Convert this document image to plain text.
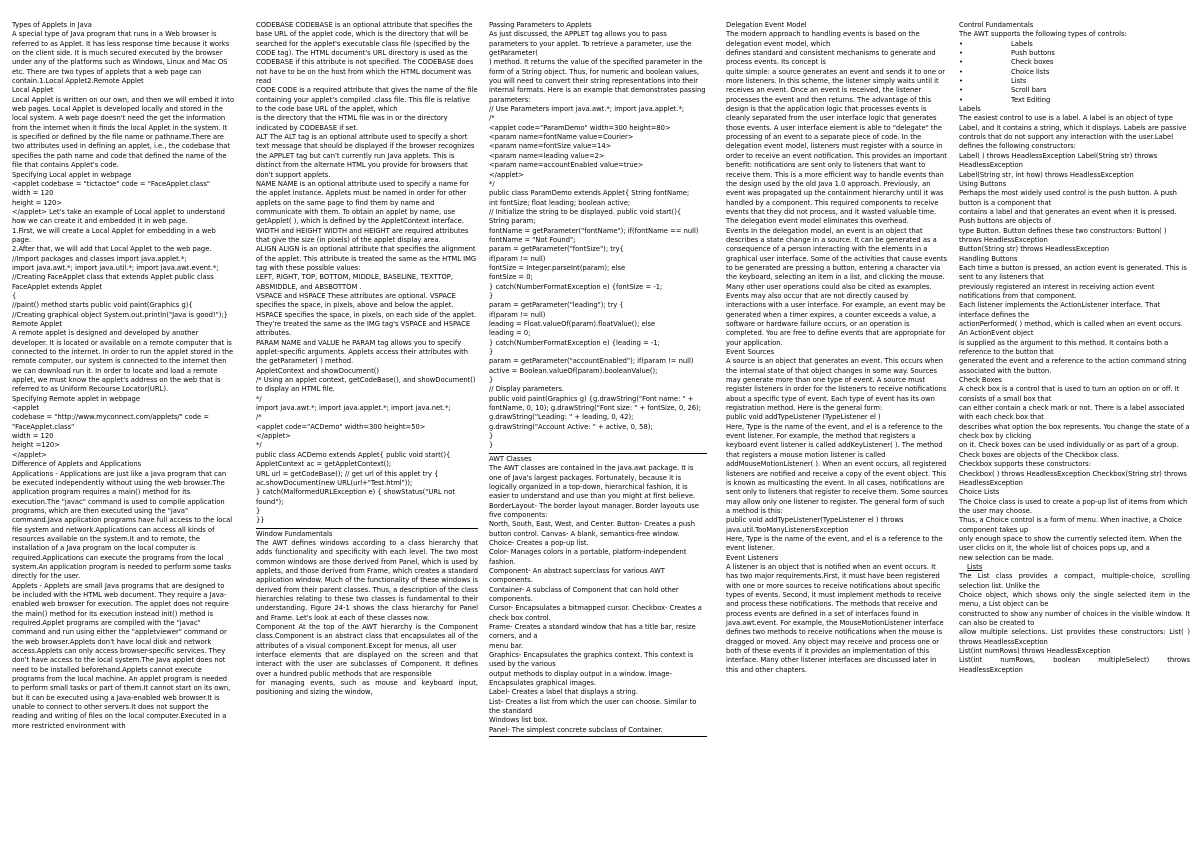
Types of Applets in Java

A special type of Java program that runs in a Web browser is referred to as Applet. It has less response time because it works on the client side. It is much secured executed by the browser under any of the platforms such as Windows, Linux and Mac OS etc. There are two types of applets that a web page can contain.1.Local Applet2.Remote Applet

Local Applet

Local Applet is written on our own, and then we will embed it into web pages. Local Applet is developed locally and stored in the local system. A web page doesn't need the get the information from the internet when it finds the local Applet in the system. It is specified or defined by the file name or pathname.There are two attributes used in defining an applet, i.e., the codebase that specifies the path name and code that defined the name of the file that contains Applet's code.

Specifying Local applet in webpage

<applet codebase = "tictactoe" code = "FaceApplet.class"

width = 120

height = 120>

</applet> Let's take an example of Local applet to understand how we can create it and embedded it in web page.

1.First, we will create a Local Applet for embedding in a web page.

2.After that, we will add that Local Applet to the web page.

//Import packages and classes import java.applet.*;

import java.awt.*; import java.util.*; import java.awt.event.*;

//Creating FaceApplet class that extends Applet public class FaceApplet extends Applet

{

//paint() method starts public void paint(Graphics g){

//Creating graphical object System.out.println("Java is good!");}

Remote Applet

A remote applet is designed and developed by another developer. It is located or available on a remote computer that is connected to the internet. In order to run the applet stored in the remote computer, our system is connected to the internet then we can download run it. In order to locate and load a remote applet, we must know the applet's address on the web that is referred to as Uniform Recourse Locator(URL).

Specifying Remote applet in webpage

<applet

codebase = "http://www.myconnect.com/applets/" code = "FaceApplet.class"

width = 120

height =120>

</applet>

Difference of Applets and Applications

Applications - Applications are just like a Java program that can be executed independently without using the web browser.The application program requires a main() method for its execution.The "javac" command is used to compile application programs, which are then executed using the "java" command.Java application programs have full access to the local file system and network.Applications can access all kinds of resources available on the system.It and to remote, the installation of a Java program on the local computer is required.Applications can execute the programs from the local system.An application program is needed to perform some tasks directly for the user.

Applets - Applets are small Java programs that are designed to be included with the HTML web document. They require a Java- enabled web browser for execution. The applet does not require the main() method for its execution instead init() method is required.Applet programs are compiled with the "javac" command and run using either the "appletviewer" command or the web browser.Applets don't have local disk and network access.Applets can only access browser-specific services. They don't have access to the local system.The Java applet does not need to be installed beforehand.Applets cannot execute programs from the local machine. An applet program is needed to perform small tasks or part of them.It cannot start on its own, but it can be executed using a Java-enabled web browser.It is unable to connect to other servers.It does not support the reading and writing of files on the local computer.Executed in a more restricted environment with

CODEBASE CODEBASE is an optional attribute that specifies the base URL of the applet code, which is the directory that will be searched for the applet's executable class file (specified by the CODE tag). The HTML document's URL directory is used as the CODEBASE if this attribute is not specified. The CODEBASE does not have to be on the host from which the HTML document was read

CODE CODE is a required attribute that gives the name of the file containing your applet's compiled .class file. This file is relative to the code base URL of the applet, which

is the directory that the HTML file was in or the directory indicated by CODEBASE if set.

ALT The ALT tag is an optional attribute used to specify a short text message that should be displayed if the browser recognizes the APPLET tag but can't currently run Java applets. This is distinct from the alternate HTML you provide for browsers that don't support applets.

NAME NAME is an optional attribute used to specify a name for the applet instance. Applets must be named in order for other applets on the same page to find them by name and communicate with them. To obtain an applet by name, use getApplet( ), which is defined by the AppletContext interface.

WIDTH and HEIGHT WIDTH and HEIGHT are required attributes that give the size (in pixels) of the applet display area.

ALIGN ALIGN is an optional attribute that specifies the alignment of the applet. This attribute is treated the same as the HTML IMG tag with these possible values:

LEFT, RIGHT, TOP, BOTTOM, MIDDLE, BASELINE, TEXTTOP, ABSMIDDLE, and ABSBOTTOM .

VSPACE and HSPACE These attributes are optional. VSPACE specifies the space, in pixels, above and below the applet. HSPACE specifies the space, in pixels, on each side of the applet. They're treated the same as the IMG tag's VSPACE and HSPACE attributes.

PARAM NAME and VALUE he PARAM tag allows you to specify applet-specific arguments. Applets access their attributes with the getParameter( ) method.

AppletContext and showDocument()

/* Using an applet context, getCodeBase(), and showDocument() to display an HTML file.

*/

import java.awt.*; import java.applet.*; import java.net.*;

/*

<applet code="ACDemo" width=300 height=50>

</applet>

*/

public class ACDemo extends Applet{ public void start(){

AppletContext ac = getAppletContext();

URL url = getCodeBase(); // get url of this applet try {

ac.showDocument(new URL(url+"Test.html"));

} catch(MalformedURLException e) { showStatus("URL not found");

}

}}

Window Fundamentals

The AWT defines windows according to a class hierarchy that adds functionality and specificity with each level. The two most common windows are those derived from Panel, which is used by applets, and those derived from Frame, which creates a standard application window. Much of the functionality of these windows is derived from their parent classes. Thus, a description of the class hierarchies relating to these two classes is fundamental to their understanding. Figure 24-1 shows the class hierarchy for Panel and Frame. Let's look at each of these classes now.

Component At the top of the AWT hierarchy is the Component class.Component is an abstract class that encapsulates all of the attributes of a visual component.Except for menus, all user

interface elements that are displayed on the screen and that interact with the user are subclasses of Component. It defines over a hundred public methods that are responsible

for managing events, such as mouse and keyboard input, positioning and sizing the window,

Passing Parameters to Applets

As just discussed, the APPLET tag allows you to pass parameters to your applet. To retrieve a parameter, use the getParameter(

) method. It returns the value of the specified parameter in the form of a String object. Thus, for numeric and boolean values, you will need to convert their string representations into their internal formats. Here is an example that demonstrates passing parameters:

// Use Parameters import java.awt.*; import java.applet.*;

/*

<applet code="ParamDemo" width=300 height=80>

<param name=fontName value=Courier>

<param name=fontSize value=14>

<param name=leading value=2>

<param name=accountEnabled value=true>

</applet>

*/

public class ParamDemo extends Applet{ String fontName;

int fontSize; float leading; boolean active;

// Initialize the string to be displayed. public void start(){

String param;

fontName = getParameter("fontName"); if(fontName == null)

fontName = "Not Found";

param = getParameter("fontSize"); try{

if(param != null)

fontSize = Integer.parseInt(param); else

fontSize = 0;

} catch(NumberFormatException e) {fontSize = -1;

}

param = getParameter("leading"); try {

if(param != null)

leading = Float.valueOf(param).floatValue(); else

leading = 0;

} catch(NumberFormatException e) {leading = -1;

}

param = getParameter("accountEnabled"); if(param != null)

active = Boolean.valueOf(param).booleanValue();

}

// Display parameters.

public void paint(Graphics g) {g.drawString("Font name: " + fontName, 0, 10); g.drawString("Font size: " + fontSize, 0, 26);

g.drawString("Leading: " + leading, 0, 42);

g.drawString("Account Active: " + active, 0, 58);

}

}

AWT Classes

The AWT classes are contained in the java.awt package. It is one of Java's largest packages. Fortunately, because it is logically organized in a top-down, hierarchical fashion, it is easier to understand and use than you might at first believe.

BorderLayout- The border layout manager. Border layouts use five components:

North, South, East, West, and Center. Button- Creates a push button control. Canvas- A blank, semantics-free window.

Choice- Creates a pop-up list.

Color- Manages colors in a portable, platform-independent fashion.

Component- An abstract superclass for various AWT components.

Container- A subclass of Component that can hold other components.

Cursor- Encapsulates a bitmapped cursor. Checkbox- Creates a check box control.

Frame- Creates a standard window that has a title bar, resize corners, and a

menu bar.

Graphics- Encapsulates the graphics context. This context is used by the various

output methods to display output in a window. Image- Encapsulates graphical images.

Label- Creates a label that displays a string.

List- Creates a list from which the user can choose. Similar to the standard

Windows list box.

Panel- The simplest concrete subclass of Container.

Delegation Event Model

The modern approach to handling events is based on the delegation event model, which

defines standard and consistent mechanisms to generate and process events. Its concept is

quite simple: a source generates an event and sends it to one or more listeners. In this scheme, the listener simply waits until it receives an event. Once an event is received, the listener processes the event and then returns. The advantage of this design is that the application logic that processes events is cleanly separated from the user interface logic that generates those events. A user interface element is able to "delegate" the processing of an event to a separate piece of code. In the delegation event model, listeners must register with a source in order to receive an event notification. This provides an important benefit: notifications are sent only to listeners that want to receive them. This is a more efficient way to handle events than the design used by the old Java 1.0 approach. Previously, an event was propagated up the containment hierarchy until it was handled by a component. This required components to receive events that they did not process, and it wasted valuable time. The delegation event model eliminates this overhead.

Events In the delegation model, an event is an object that describes a state change in a source. It can be generated as a consequence of a person interacting with the elements in a graphical user interface. Some of the activities that cause events to be generated are pressing a button, entering a character via the keyboard, selecting an item in a list, and clicking the mouse. Many other user operations could also be cited as examples. Events may also occur that are not directly caused by interactions with a user interface. For example, an event may be generated when a timer expires, a counter exceeds a value, a software or hardware failure occurs, or an operation is completed. You are free to define events that are appropriate for your application.

Event Sources

A source is an object that generates an event. This occurs when the internal state of that object changes in some way. Sources may generate more than one type of event. A source must register listeners in order for the listeners to receive notifications about a specific type of event. Each type of event has its own registration method. Here is the general form:

public void addTypeListener (TypeListener el )

Here, Type is the name of the event, and el is a reference to the event listener. For example, the method that registers a keyboard event listener is called addKeyListener( ). The method that registers a mouse motion listener is called addMouseMotionListener( ). When an event occurs, all registered listeners are notified and receive a copy of the event object. This is known as multicasting the event. In all cases, notifications are sent only to listeners that register to receive them. Some sources may allow only one listener to register. The general form of such a method is this:

public void addTypeListener(TypeListener el ) throws java.util.TooManyListenersException

Here, Type is the name of the event, and el is a reference to the event listener.

Event Listeners

A listener is an object that is notified when an event occurs. It has two major requirements.First, it must have been registered with one or more sources to receive notifications about specific types of events. Second, it must implement methods to receive and process these notifications. The methods that receive and process events are defined in a set of interfaces found in java.awt.event. For example, the MouseMotionListener interface defines two methods to receive notifications when the mouse is dragged or moved. Any object may receive and process one or both of these events if it provides an implementation of this interface. Many other listener interfaces are discussed later in this and other chapters.

Control Fundamentals

The AWT supports the following types of controls:

•	Labels
•	Push buttons
•	Check boxes
•	Choice lists
•	Lists
•	Scroll bars
•	Text Editing

Labels

The easiest control to use is a label. A label is an object of type Label, and it contains a string, which it displays. Labels are passive controls that do not support any interaction with the user.Label defines the following constructors:

Label( ) throws HeadlessException Label(String str) throws HeadlessException

Label(String str, int how) throws HeadlessException

Using Buttons

Perhaps the most widely used control is the push button. A push button is a component that

contains a label and that generates an event when it is pressed.

Push buttons are objects of

type Button. Button defines these two constructors: Button( ) throws HeadlessException

Button(String str) throws HeadlessException

Handling Buttons

Each time a button is pressed, an action event is generated. This is sent to any listeners that

previously registered an interest in receiving action event notifications from that component.

Each listener implements the ActionListener interface. That interface defines the

actionPerformed( ) method, which is called when an event occurs. An ActionEvent object

is supplied as the argument to this method. It contains both a reference to the button that

generated the event and a reference to the action command string associated with the button.

Check Boxes

A check box is a control that is used to turn an option on or off. It consists of a small box that

can either contain a check mark or not. There is a label associated with each check box that

describes what option the box represents. You change the state of a check box by clicking

on it. Check boxes can be used individually or as part of a group.

Check boxes are objects of the Checkbox class.

Checkbox supports these constructors:

Checkbox( ) throws HeadlessException Checkbox(String str) throws HeadlessException

Choice Lists

The Choice class is used to create a pop-up list of items from which the user may choose.

Thus, a Choice control is a form of menu. When inactive, a Choice component takes up

only enough space to show the currently selected item. When the user clicks on it, the whole list of choices pops up, and a

new selection can be made.

Lists

The List class provides a compact, multiple-choice, scrolling selection list. Unlike the

Choice object, which shows only the single selected item in the menu, a List object can be

constructed to show any number of choices in the visible window. It can also be created to

allow multiple selections. List provides these constructors: List( ) throws HeadlessException

List(int numRows) throws HeadlessException

List(int numRows, boolean multipleSelect) throws HeadlessException
